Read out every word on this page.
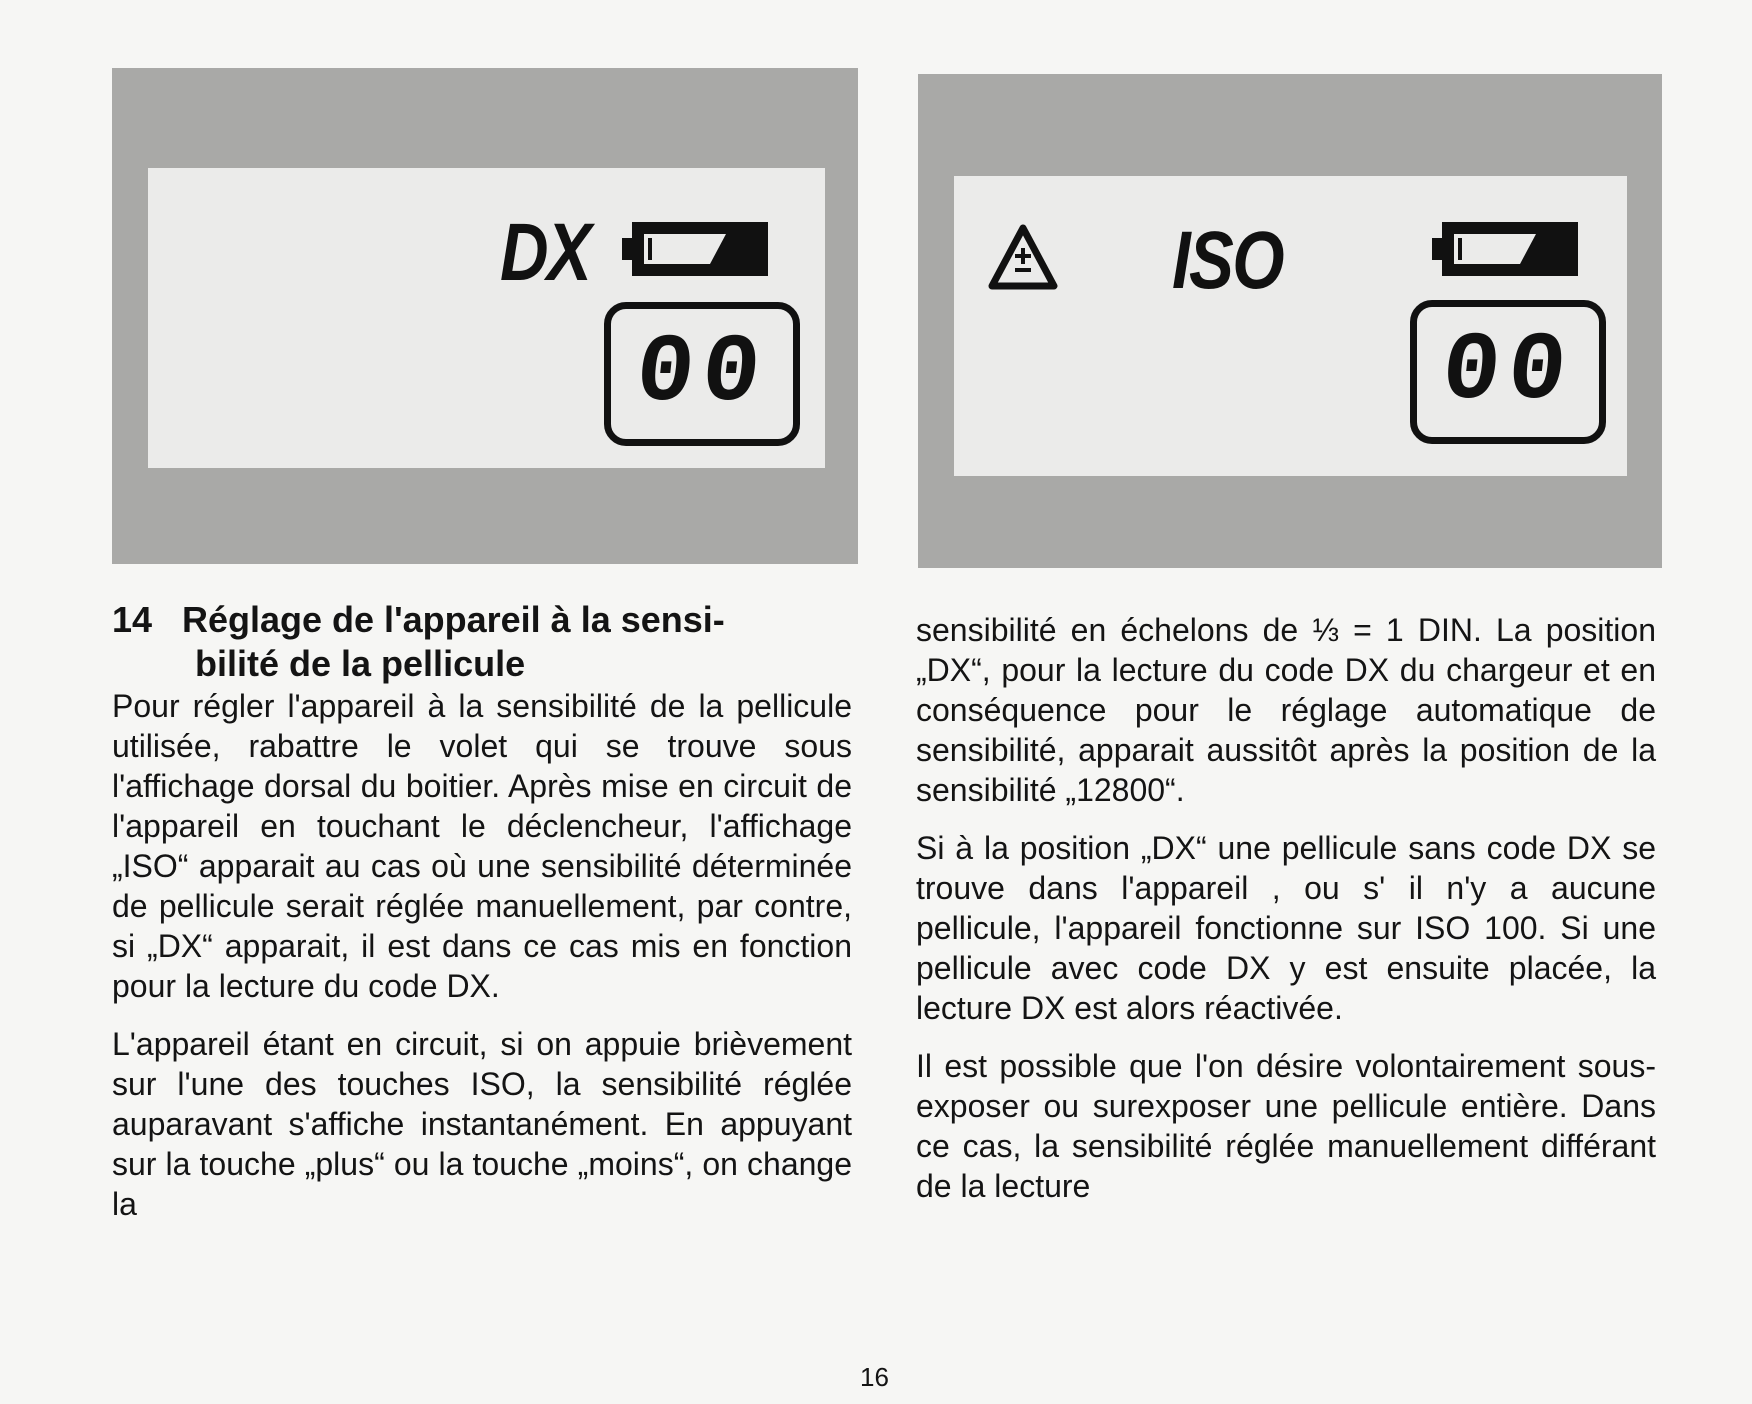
DX
00
ISO
00
14 Réglage de l'appareil à la sensi-
bilité de la pellicule

Pour régler l'appareil à la sensibilité de la pellicule utilisée, rabattre le volet qui se trouve sous l'affichage dorsal du boitier. Après mise en circuit de l'appareil en touchant le déclencheur, l'affichage „ISO“ apparait au cas où une sensibilité déterminée de pellicule serait réglée manuellement, par contre, si „DX“ apparait, il est dans ce cas mis en fonction pour la lecture du code DX.

L'appareil étant en circuit, si on appuie brièvement sur l'une des touches ISO, la sensibilité réglée auparavant s'affiche instantanément. En appuyant sur la touche „plus“ ou la touche „moins“, on change la

sensibilité en échelons de ⅓ = 1 DIN. La position „DX“, pour la lecture du code DX du chargeur et en conséquence pour le réglage automatique de sensibilité, apparait aussitôt après la position de la sensibilité „12800“.

Si à la position „DX“ une pellicule sans code DX se trouve dans l'appareil , ou s' il n'y a aucune pellicule, l'appareil fonctionne sur ISO 100. Si une pellicule avec code DX y est ensuite placée, la lecture DX est alors réactivée.

Il est possible que l'on désire volontairement sous-exposer ou surexposer une pellicule entière. Dans ce cas, la sensibilité réglée manuellement différant de la lecture

16
